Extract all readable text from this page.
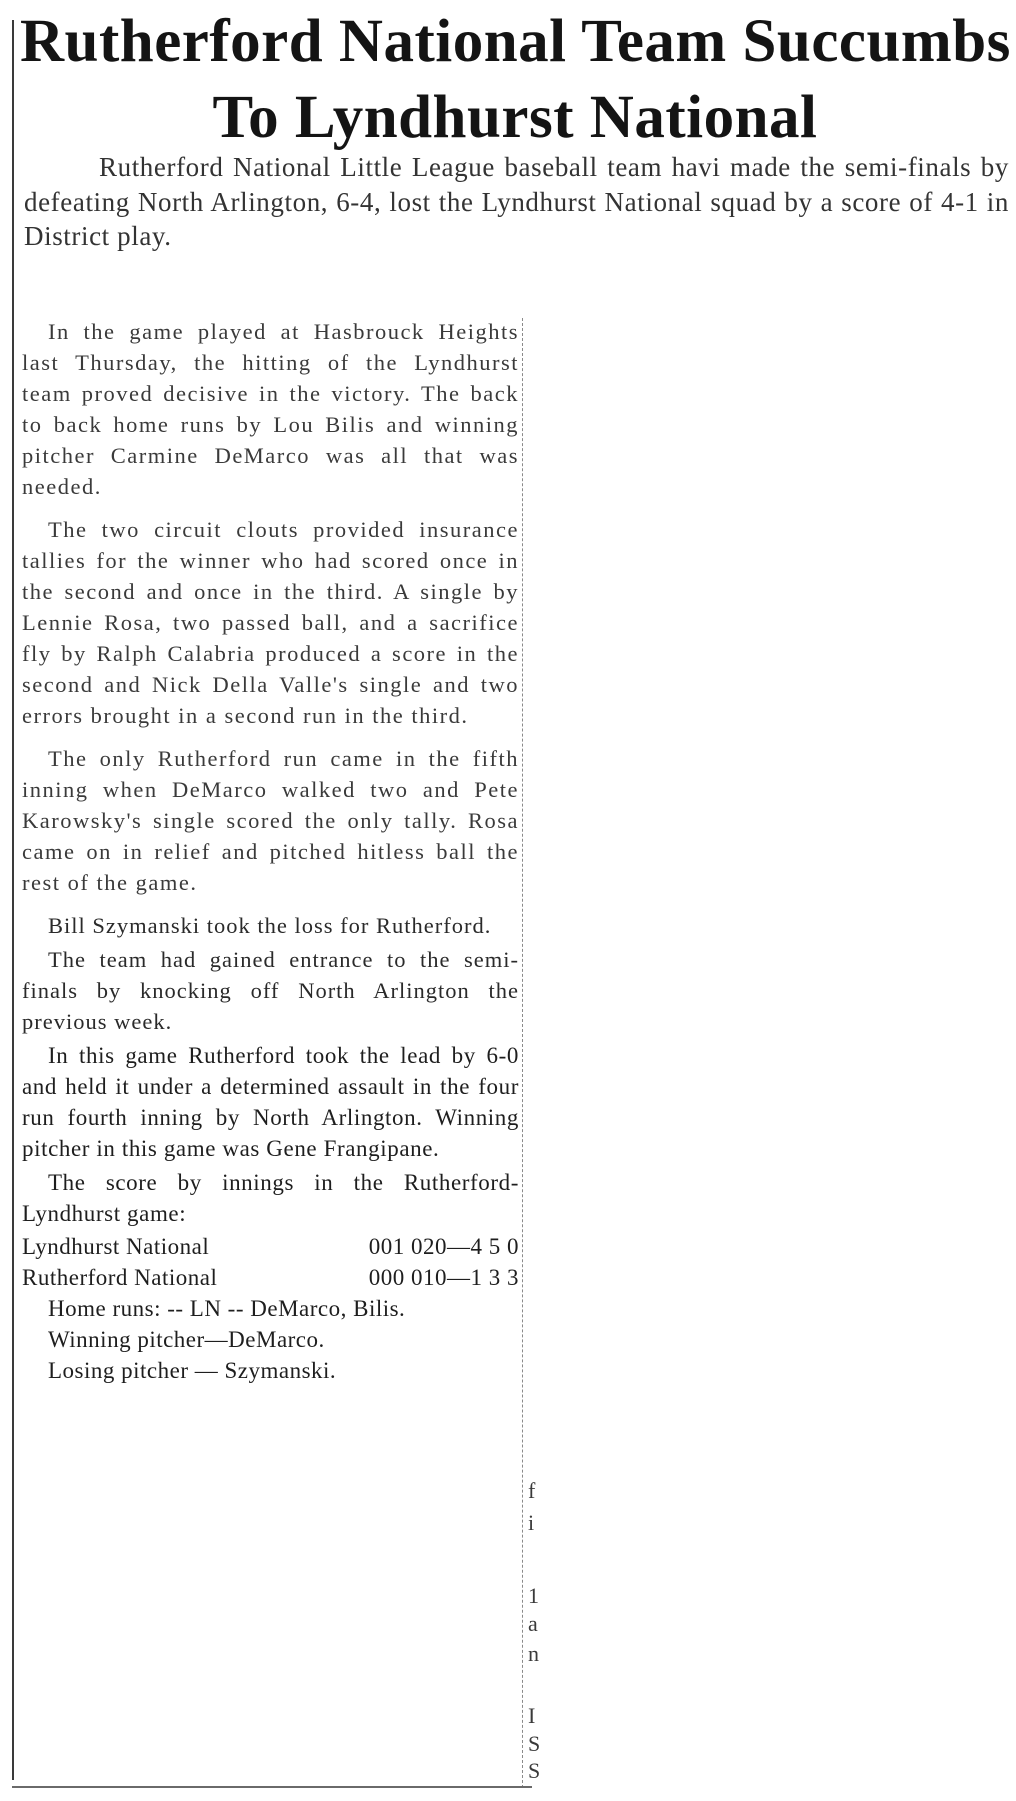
Rutherford National Team Succumbs
To Lyndhurst National
Rutherford National Little League baseball team havi made the semi-finals by defeating North Arlington, 6-4, lost the Lyndhurst National squad by a score of 4-1 in District play.

In the game played at Hasbrouck Heights last Thursday, the hitting of the Lyndhurst team proved decisive in the victory. The back to back home runs by Lou Bilis and winning pitcher Carmine DeMarco was all that was needed.

The two circuit clouts provided insurance tallies for the winner who had scored once in the second and once in the third. A single by Lennie Rosa, two passed ball, and a sacrifice fly by Ralph Calabria produced a score in the second and Nick Della Valle's single and two errors brought in a second run in the third.

The only Rutherford run came in the fifth inning when DeMarco walked two and Pete Karowsky's single scored the only tally. Rosa came on in relief and pitched hitless ball the rest of the game.

Bill Szymanski took the loss for Rutherford.

The team had gained entrance to the semi-finals by knocking off North Arlington the previous week.

In this game Rutherford took the lead by 6-0 and held it under a determined assault in the four run fourth inning by North Arlington. Winning pitcher in this game was Gene Frangipane.

The score by innings in the Rutherford-Lyndhurst game:

Lyndhurst National	001 020—4 5 0
Rutherford National	000 010—1 3 3

Home runs: -- LN -- DeMarco, Bilis.

Winning pitcher—DeMarco.

Losing pitcher — Szymanski.

f
i
1
a
n
I
S
S
